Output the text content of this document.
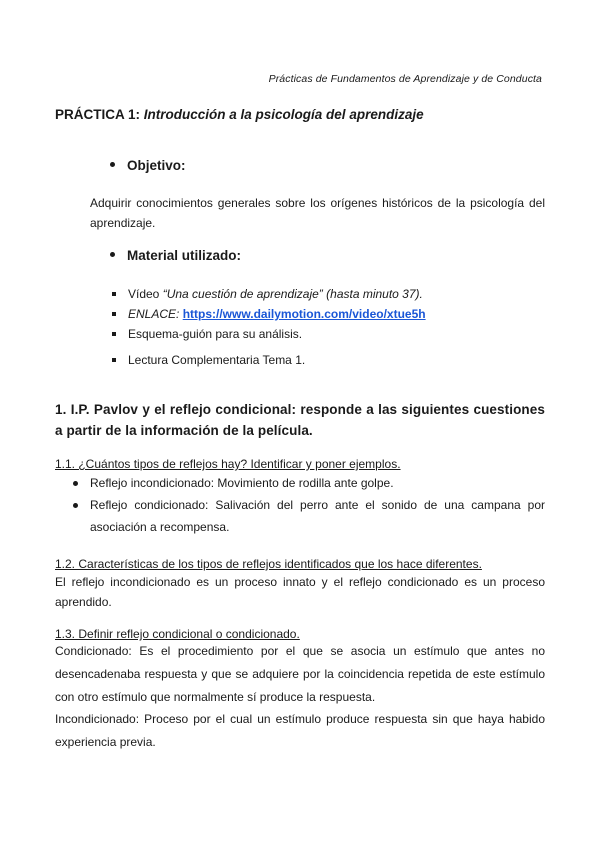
Prácticas de Fundamentos de Aprendizaje y de Conducta
PRÁCTICA 1: Introducción a la psicología del aprendizaje
Objetivo:
Adquirir conocimientos generales sobre los orígenes históricos de la psicología del aprendizaje.
Material utilizado:
Vídeo “Una cuestión de aprendizaje” (hasta minuto 37).
ENLACE: https://www.dailymotion.com/video/xtue5h
Esquema-guión para su análisis.
Lectura Complementaria Tema 1.
1. I.P. Pavlov y el reflejo condicional: responde a las siguientes cuestiones a partir de la información de la película.
1.1. ¿Cuántos tipos de reflejos hay? Identificar y poner ejemplos.
Reflejo incondicionado: Movimiento de rodilla ante golpe.
Reflejo condicionado: Salivación del perro ante el sonido de una campana por asociación a recompensa.
1.2. Características de los tipos de reflejos identificados que los hace diferentes.
El reflejo incondicionado es un proceso innato y el reflejo condicionado es un proceso aprendido.
1.3. Definir reflejo condicional o condicionado.
Condicionado: Es el procedimiento por el que se asocia un estímulo que antes no desencadenaba respuesta y que se adquiere por la coincidencia repetida de este estímulo con otro estímulo que normalmente sí produce la respuesta.
Incondicionado: Proceso por el cual un estímulo produce respuesta sin que haya habido experiencia previa.
